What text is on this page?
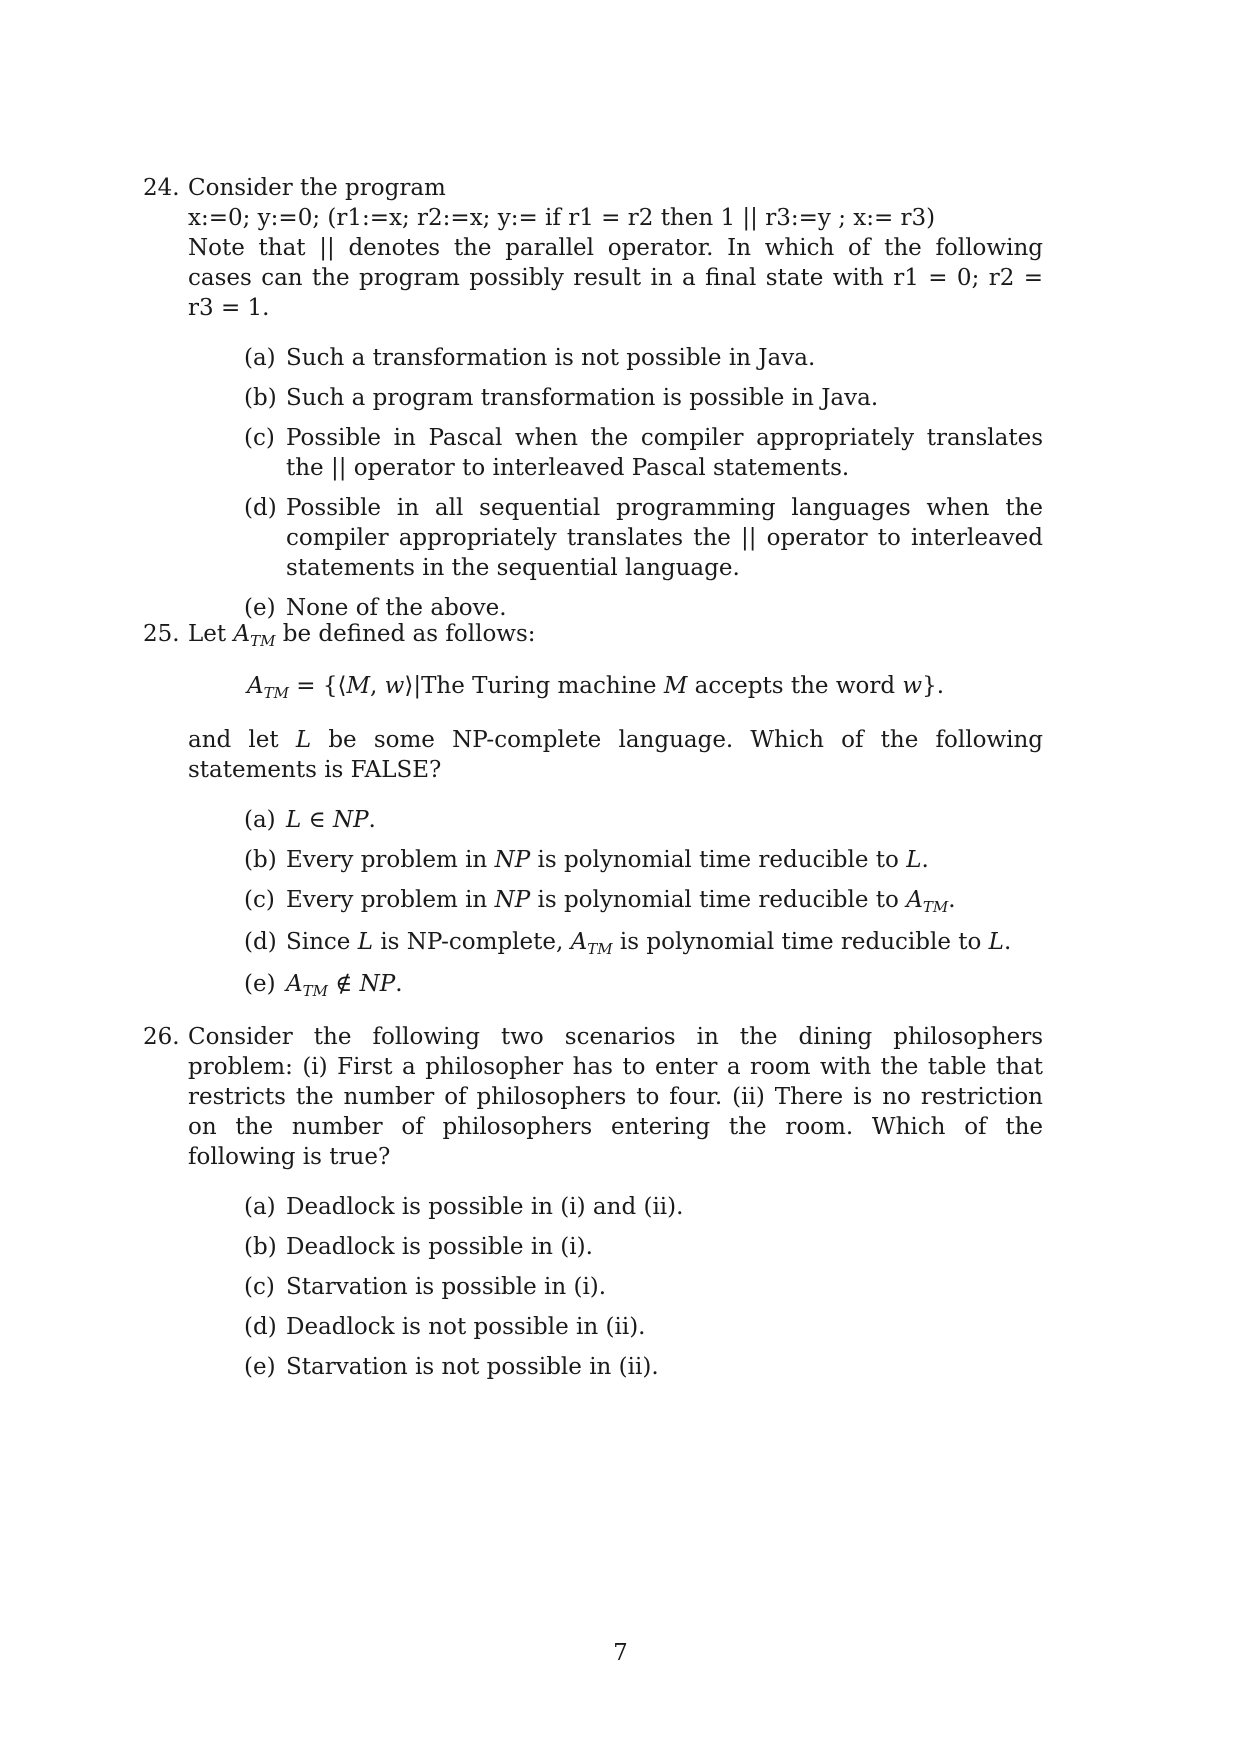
24. Consider the program
x:=0; y:=0; (r1:=x; r2:=x; y:= if r1 = r2 then 1 || r3:=y ; x:= r3)
Note that || denotes the parallel operator. In which of the following cases can the program possibly result in a final state with r1 = 0; r2 = r3 = 1.
(a) Such a transformation is not possible in Java.
(b) Such a program transformation is possible in Java.
(c) Possible in Pascal when the compiler appropriately translates the || operator to interleaved Pascal statements.
(d) Possible in all sequential programming languages when the compiler appropriately translates the || operator to interleaved statements in the sequential language.
(e) None of the above.
25. Let $A_{TM}$ be defined as follows:
$A_{TM}$ = {⟨M, w⟩|The Turing machine M accepts the word w}.
and let L be some NP-complete language. Which of the following statements is FALSE?
(a) L ∈ NP.
(b) Every problem in NP is polynomial time reducible to L.
(c) Every problem in NP is polynomial time reducible to $A_{TM}$.
(d) Since L is NP-complete, $A_{TM}$ is polynomial time reducible to L.
(e) $A_{TM}$ ∉ NP.
26. Consider the following two scenarios in the dining philosophers problem: (i) First a philosopher has to enter a room with the table that restricts the number of philosophers to four. (ii) There is no restriction on the number of philosophers entering the room. Which of the following is true?
(a) Deadlock is possible in (i) and (ii).
(b) Deadlock is possible in (i).
(c) Starvation is possible in (i).
(d) Deadlock is not possible in (ii).
(e) Starvation is not possible in (ii).
7
